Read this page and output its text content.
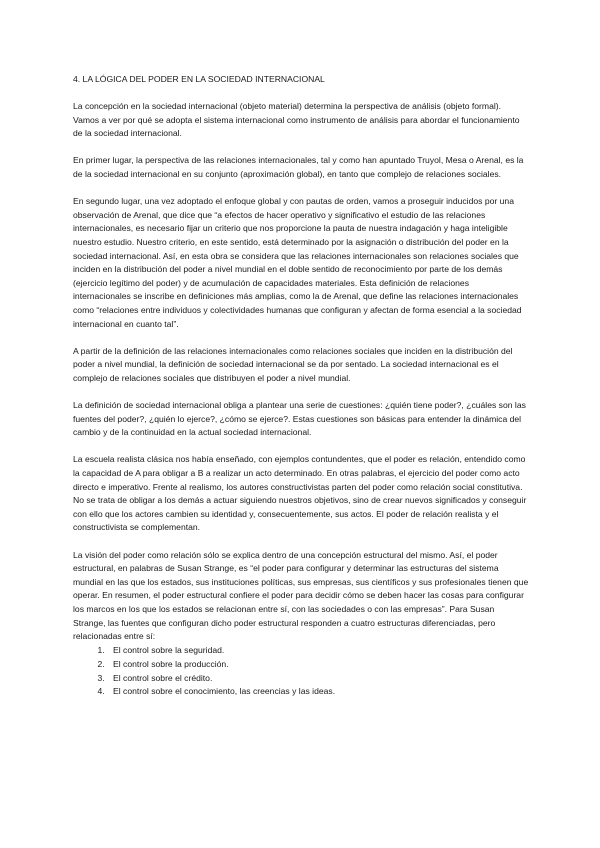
4. LA LÓGICA DEL PODER EN LA SOCIEDAD INTERNACIONAL

La concepción en la sociedad internacional (objeto material) determina la perspectiva de análisis (objeto formal). Vamos a ver por qué se adopta el sistema internacional como instrumento de análisis para abordar el funcionamiento de la sociedad internacional.

En primer lugar, la perspectiva de las relaciones internacionales, tal y como han apuntado Truyol, Mesa o Arenal, es la de la sociedad internacional en su conjunto (aproximación global), en tanto que complejo de relaciones sociales.

En segundo lugar, una vez adoptado el enfoque global y con pautas de orden, vamos a proseguir inducidos por una observación de Arenal, que dice que “a efectos de hacer operativo y significativo el estudio de las relaciones internacionales, es necesario fijar un criterio que nos proporcione la pauta de nuestra indagación y haga inteligible nuestro estudio. Nuestro criterio, en este sentido, está determinado por la asignación o distribución del poder en la sociedad internacional. Así, en esta obra se considera que las relaciones internacionales son relaciones sociales que inciden en la distribución del poder a nivel mundial en el doble sentido de reconocimiento por parte de los demás (ejercicio legítimo del poder) y de acumulación de capacidades materiales. Esta definición de relaciones internacionales se inscribe en definiciones más amplias, como la de Arenal, que define las relaciones internacionales como “relaciones entre individuos y colectividades humanas que configuran y afectan de forma esencial a la sociedad internacional en cuanto tal”.

A partir de la definición de las relaciones internacionales como relaciones sociales que inciden en la distribución del poder a nivel mundial, la definición de sociedad internacional se da por sentado. La sociedad internacional es el complejo de relaciones sociales que distribuyen el poder a nivel mundial.

La definición de sociedad internacional obliga a plantear una serie de cuestiones: ¿quién tiene poder?, ¿cuáles son las fuentes del poder?, ¿quién lo ejerce?, ¿cómo se ejerce?. Estas cuestiones son básicas para entender la dinámica del cambio y de la continuidad en la actual sociedad internacional.

La escuela realista clásica nos había enseñado, con ejemplos contundentes, que el poder es relación, entendido como la capacidad de A para obligar a B a realizar un acto determinado. En otras palabras, el ejercicio del poder como acto directo e imperativo. Frente al realismo, los autores constructivistas parten del poder como relación social constitutiva. No se trata de obligar a los demás a actuar siguiendo nuestros objetivos, sino de crear nuevos significados y conseguir con ello que los actores cambien su identidad y, consecuentemente, sus actos. El poder de relación realista y el constructivista se complementan.

La visión del poder como relación sólo se explica dentro de una concepción estructural del mismo. Así, el poder estructural, en palabras de Susan Strange, es “el poder para configurar y determinar las estructuras del sistema mundial en las que los estados, sus instituciones políticas, sus empresas, sus científicos y sus profesionales tienen que operar. En resumen, el poder estructural confiere el poder para decidir cómo se deben hacer las cosas para configurar los marcos en los que los estados se relacionan entre sí, con las sociedades o con las empresas”. Para Susan Strange, las fuentes que configuran dicho poder estructural responden a cuatro estructuras diferenciadas, pero relacionadas entre sí:

1. El control sobre la seguridad.
2. El control sobre la producción.
3. El control sobre el crédito.
4. El control sobre el conocimiento, las creencias y las ideas.
